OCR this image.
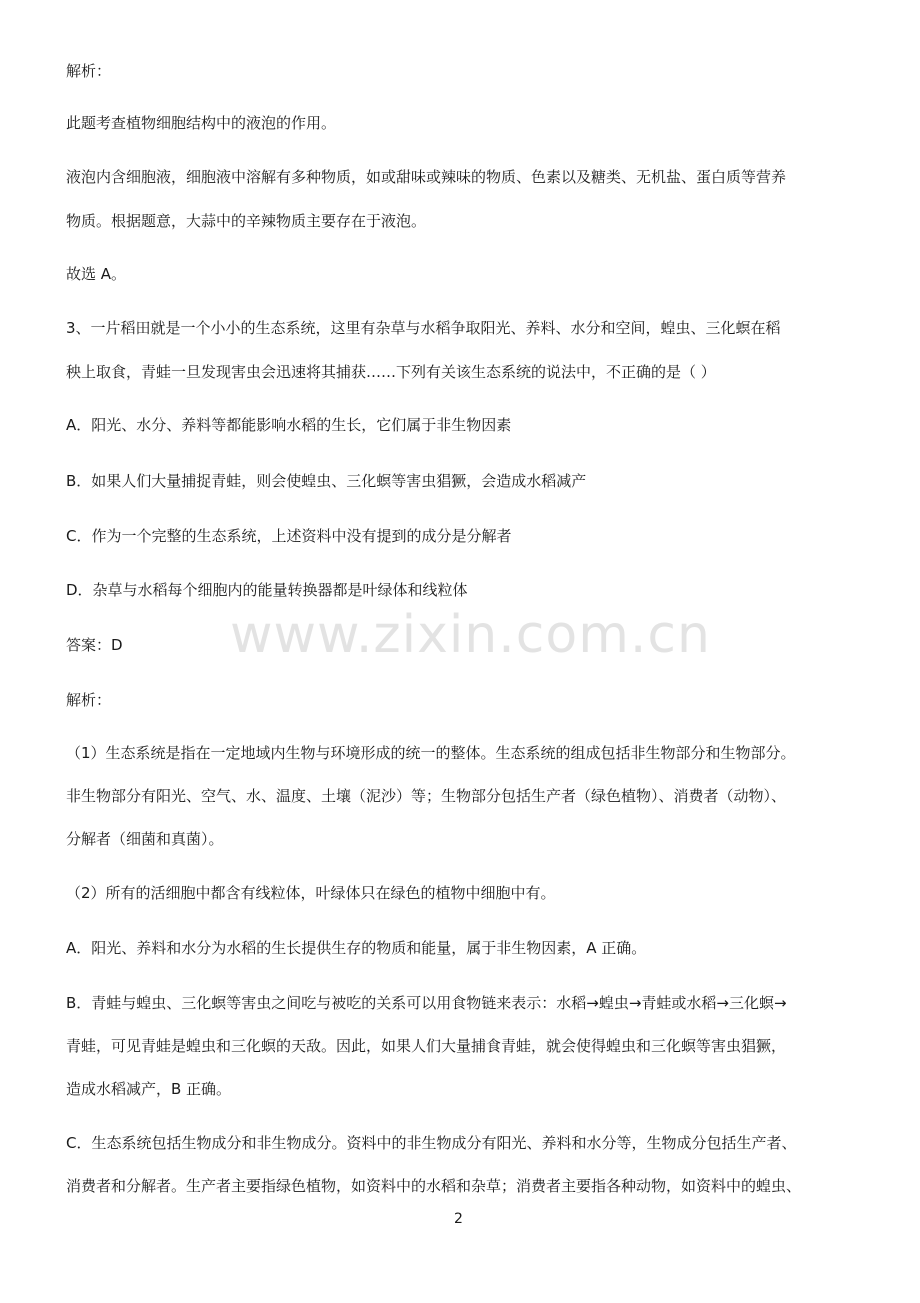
www.zixin.com.cn

解析：

此题考查植物细胞结构中的液泡的作用。

液泡内含细胞液，细胞液中溶解有多种物质，如或甜味或辣味的物质、色素以及糖类、无机盐、蛋白质等营养

物质。根据题意，大蒜中的辛辣物质主要存在于液泡。

故选 A。

3、一片稻田就是一个小小的生态系统，这里有杂草与水稻争取阳光、养料、水分和空间，蝗虫、三化螟在稻

秧上取食，青蛙一旦发现害虫会迅速将其捕获……下列有关该生态系统的说法中，不正确的是（ ）

A．阳光、水分、养料等都能影响水稻的生长，它们属于非生物因素

B．如果人们大量捕捉青蛙，则会使蝗虫、三化螟等害虫猖獗，会造成水稻减产

C．作为一个完整的生态系统，上述资料中没有提到的成分是分解者

D．杂草与水稻每个细胞内的能量转换器都是叶绿体和线粒体

答案：D

解析：

（1）生态系统是指在一定地域内生物与环境形成的统一的整体。生态系统的组成包括非生物部分和生物部分。

非生物部分有阳光、空气、水、温度、土壤（泥沙）等；生物部分包括生产者（绿色植物）、消费者（动物）、

分解者（细菌和真菌）。

（2）所有的活细胞中都含有线粒体，叶绿体只在绿色的植物中细胞中有。

A．阳光、养料和水分为水稻的生长提供生存的物质和能量，属于非生物因素，A 正确。

B．青蛙与蝗虫、三化螟等害虫之间吃与被吃的关系可以用食物链来表示：水稻→蝗虫→青蛙或水稻→三化螟→

青蛙，可见青蛙是蝗虫和三化螟的天敌。因此，如果人们大量捕食青蛙，就会使得蝗虫和三化螟等害虫猖獗，

造成水稻减产，B 正确。

C．生态系统包括生物成分和非生物成分。资料中的非生物成分有阳光、养料和水分等，生物成分包括生产者、

消费者和分解者。生产者主要指绿色植物，如资料中的水稻和杂草；消费者主要指各种动物，如资料中的蝗虫、

2
